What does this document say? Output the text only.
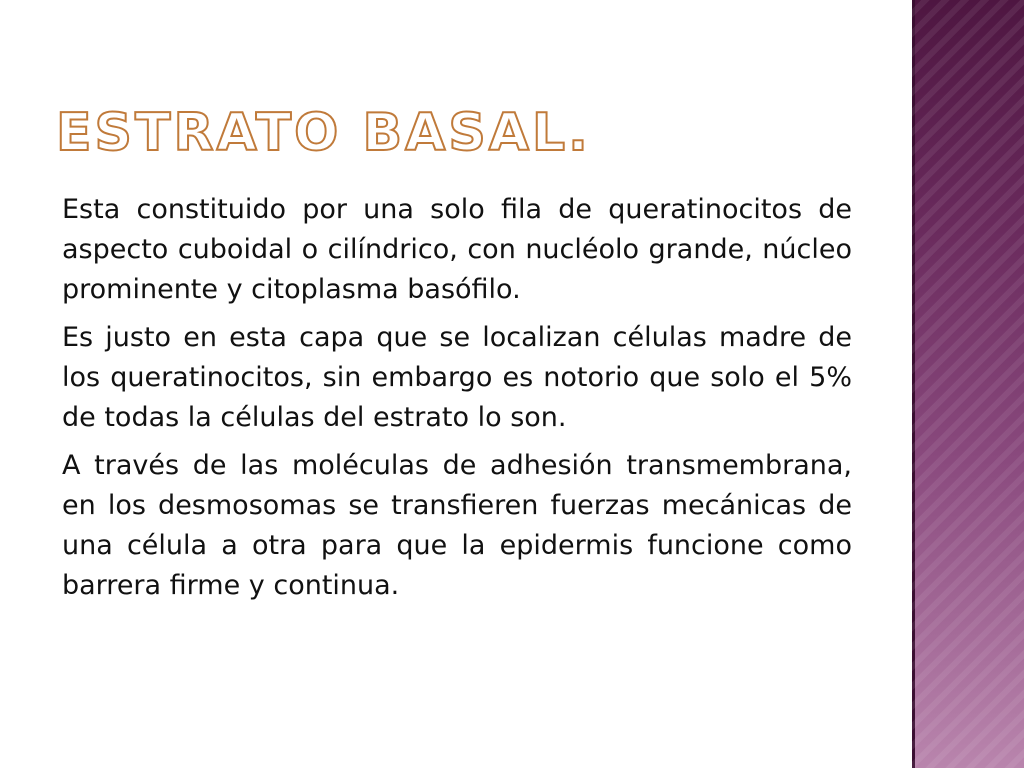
ESTRATO BASAL.

Esta constituido por una solo fila de queratinocitos de aspecto cuboidal o cilíndrico, con nucléolo grande, núcleo prominente y citoplasma basófilo.

Es justo en esta capa que se localizan células madre de los queratinocitos, sin embargo es notorio que solo el 5% de todas la células del estrato lo son.

A través de las moléculas de adhesión transmembrana, en los desmosomas se transfieren fuerzas mecánicas de una célula a otra para que la epidermis funcione como barrera firme y continua.
